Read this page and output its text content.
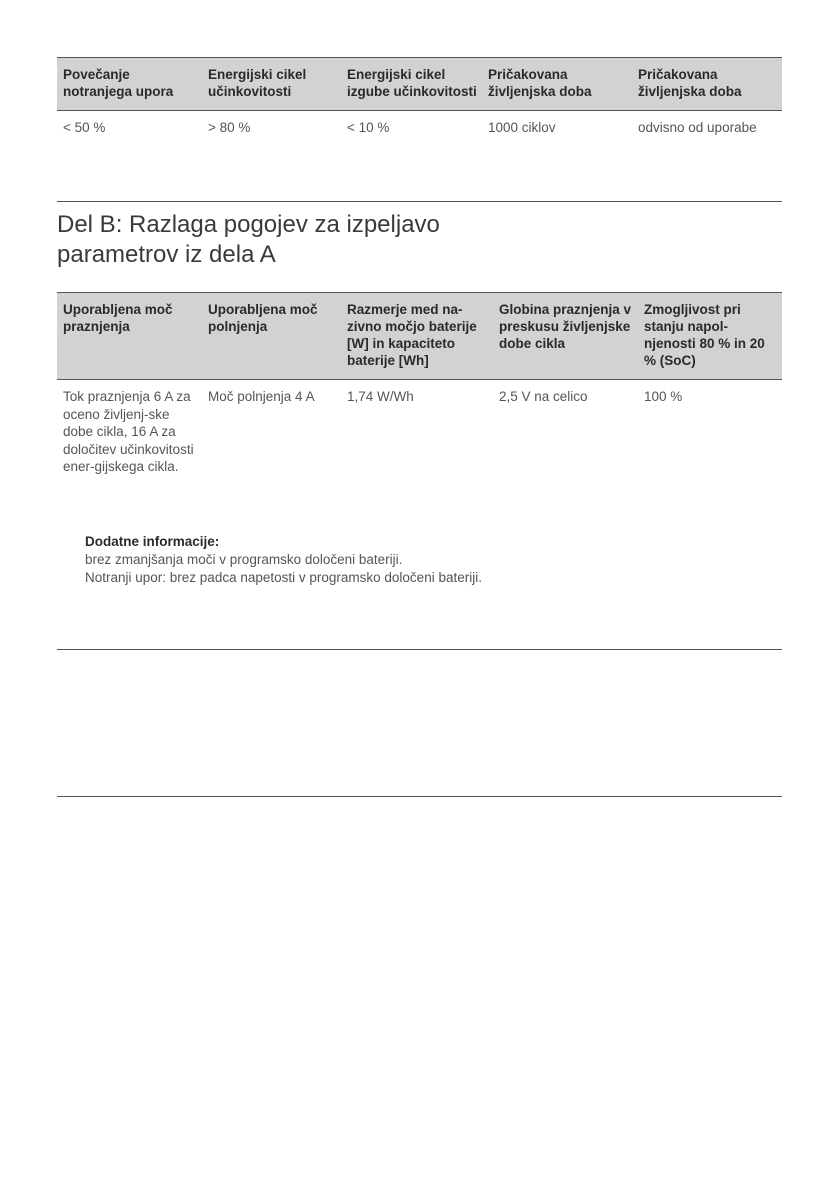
Povečanje notranjega upora	Energijski cikel učinkovitosti	Energijski cikel izgube učinkovitosti	Pričakovana življenjska doba	Pričakovana življenjska doba
< 50 %	> 80 %	< 10 %	1000 ciklov	odvisno od uporabe
Del B: Razlaga pogojev za izpeljavo parametrov iz dela A
Uporabljena moč praznjenja	Uporabljena moč polnjenja	Razmerje med na-zivno močjo baterije [W] in kapaciteto baterije [Wh]	Globina praznjenja v preskusu življenjske dobe cikla	Zmogljivost pri stanju napol-njenosti 80 % in 20 % (SoC)
Tok praznjenja 6 A za oceno življenj-ske dobe cikla, 16 A za določitev učinkovitosti ener-gijskega cikla.	Moč polnjenja 4 A	1,74 W/Wh	2,5 V na celico	100 %
Dodatne informacije:
brez zmanjšanja moči v programsko določeni bateriji.
Notranji upor: brez padca napetosti v programsko določeni bateriji.
